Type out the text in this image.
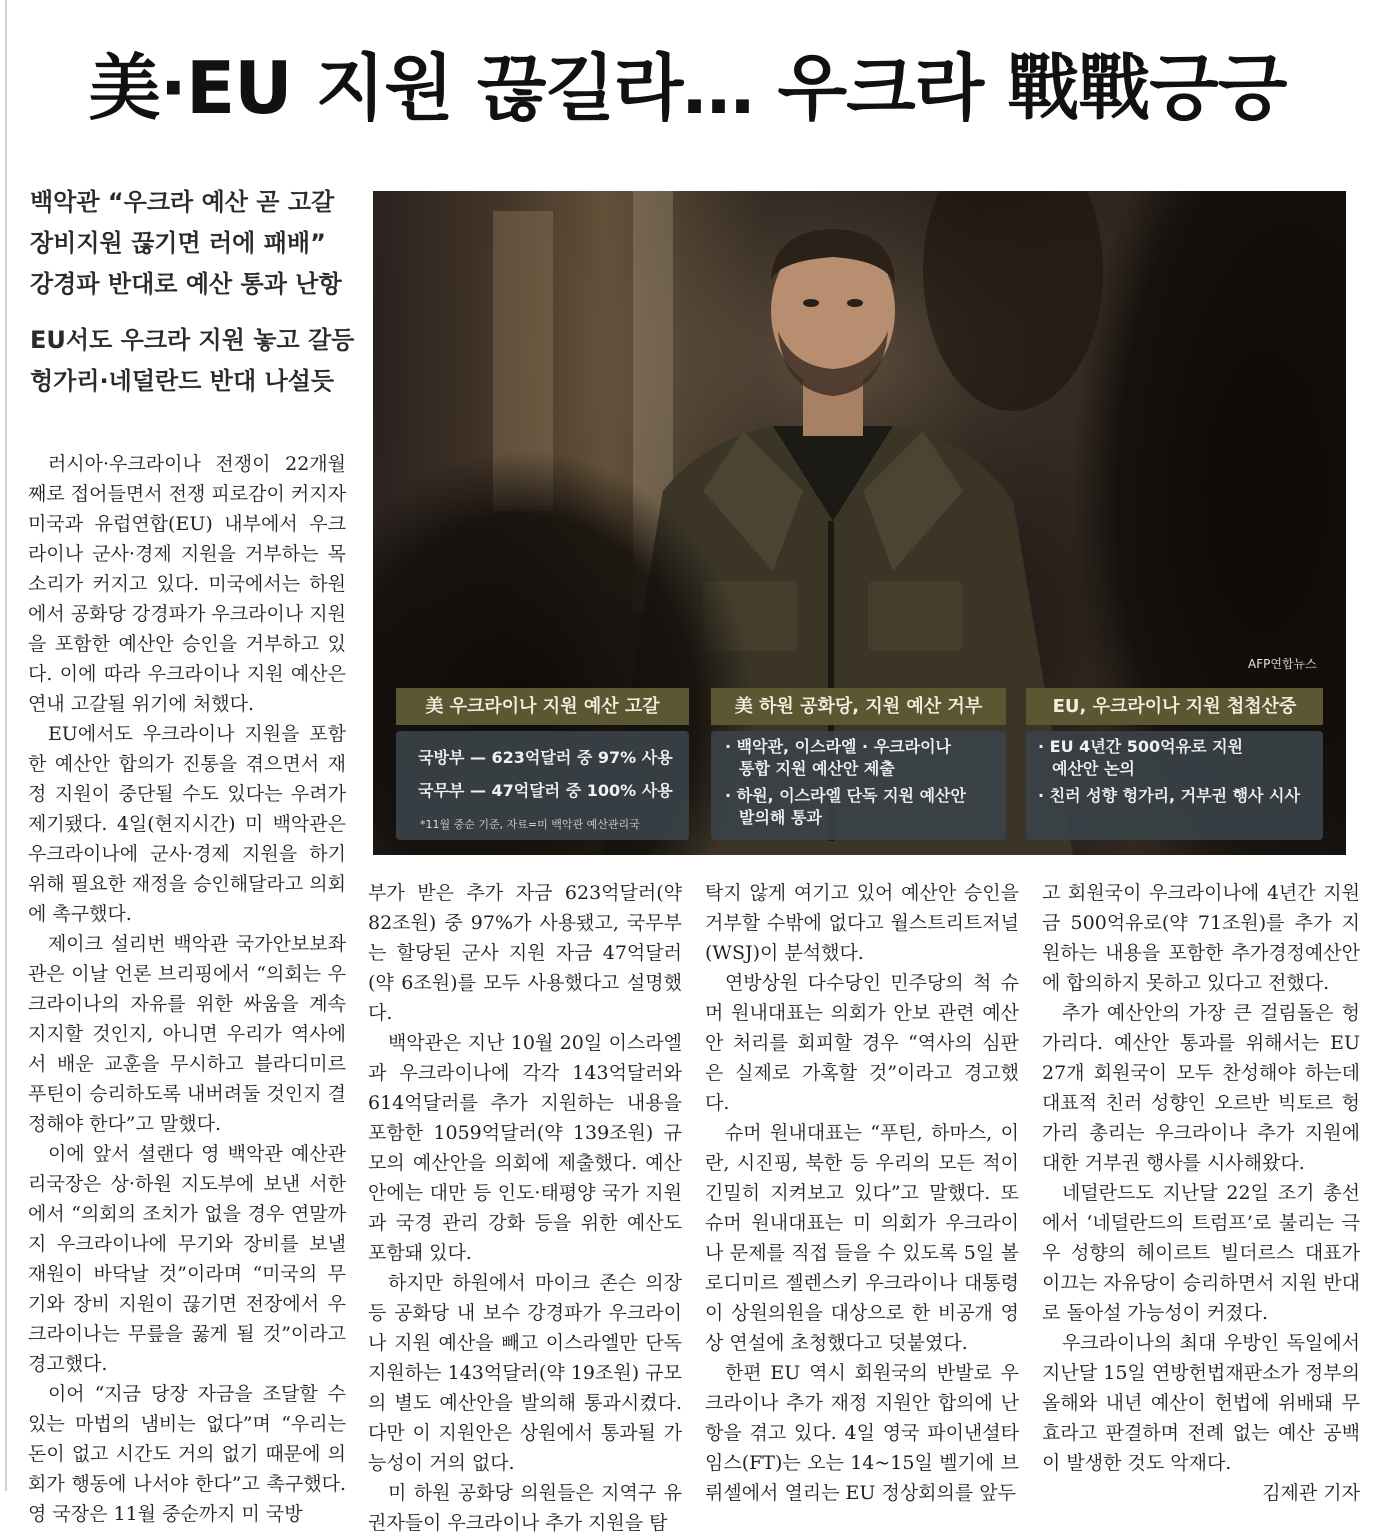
美·EU 지원 끊길라… 우크라 戰戰긍긍
백악관 “우크라 예산 곧 고갈
장비지원 끊기면 러에 패배”
강경파 반대로 예산 통과 난항
EU서도 우크라 지원 놓고 갈등
헝가리·네덜란드 반대 나설듯
AFP연합뉴스
美 우크라이나 지원 예산 고갈	美 하원 공화당, 지원 예산 거부	EU, 우크라이나 지원 첩첩산중
국방부 — 623억달러 중 97% 사용
국무부 — 47억달러 중 100% 사용
*11월 중순 기준, 자료=미 백악관 예산관리국
· 백악관, 이스라엘 · 우크라이나
통합 지원 예산안 제출
· 하원, 이스라엘 단독 지원 예산안
발의해 통과
· EU 4년간 500억유로 지원
예산안 논의
· 친러 성향 헝가리, 거부권 행사 시사

러시아·우크라이나 전쟁이 22개월째로 접어들면서 전쟁 피로감이 커지자 미국과 유럽연합(EU) 내부에서 우크라이나 군사·경제 지원을 거부하는 목소리가 커지고 있다. 미국에서는 하원에서 공화당 강경파가 우크라이나 지원을 포함한 예산안 승인을 거부하고 있다. 이에 따라 우크라이나 지원 예산은 연내 고갈될 위기에 처했다.

EU에서도 우크라이나 지원을 포함한 예산안 합의가 진통을 겪으면서 재정 지원이 중단될 수도 있다는 우려가 제기됐다. 4일(현지시간) 미 백악관은 우크라이나에 군사·경제 지원을 하기 위해 필요한 재정을 승인해달라고 의회에 촉구했다.

제이크 설리번 백악관 국가안보보좌관은 이날 언론 브리핑에서 “의회는 우크라이나의 자유를 위한 싸움을 계속 지지할 것인지, 아니면 우리가 역사에서 배운 교훈을 무시하고 블라디미르 푸틴이 승리하도록 내버려둘 것인지 결정해야 한다”고 말했다.

이에 앞서 셜랜다 영 백악관 예산관리국장은 상·하원 지도부에 보낸 서한에서 “의회의 조치가 없을 경우 연말까지 우크라이나에 무기와 장비를 보낼 재원이 바닥날 것”이라며 “미국의 무기와 장비 지원이 끊기면 전장에서 우크라이나는 무릎을 꿇게 될 것”이라고 경고했다.

이어 “지금 당장 자금을 조달할 수 있는 마법의 냄비는 없다”며 “우리는 돈이 없고 시간도 거의 없기 때문에 의회가 행동에 나서야 한다”고 촉구했다. 영 국장은 11월 중순까지 미 국방

부가 받은 추가 자금 623억달러(약 82조원) 중 97%가 사용됐고, 국무부는 할당된 군사 지원 자금 47억달러(약 6조원)를 모두 사용했다고 설명했다.

백악관은 지난 10월 20일 이스라엘과 우크라이나에 각각 143억달러와 614억달러를 추가 지원하는 내용을 포함한 1059억달러(약 139조원) 규모의 예산안을 의회에 제출했다. 예산안에는 대만 등 인도·태평양 국가 지원과 국경 관리 강화 등을 위한 예산도 포함돼 있다.

하지만 하원에서 마이크 존슨 의장 등 공화당 내 보수 강경파가 우크라이나 지원 예산을 빼고 이스라엘만 단독 지원하는 143억달러(약 19조원) 규모의 별도 예산안을 발의해 통과시켰다. 다만 이 지원안은 상원에서 통과될 가능성이 거의 없다.

미 하원 공화당 의원들은 지역구 유권자들이 우크라이나 추가 지원을 탐

탁지 않게 여기고 있어 예산안 승인을 거부할 수밖에 없다고 월스트리트저널(WSJ)이 분석했다.

연방상원 다수당인 민주당의 척 슈머 원내대표는 의회가 안보 관련 예산안 처리를 회피할 경우 “역사의 심판은 실제로 가혹할 것”이라고 경고했다.

슈머 원내대표는 “푸틴, 하마스, 이란, 시진핑, 북한 등 우리의 모든 적이 긴밀히 지켜보고 있다”고 말했다. 또 슈머 원내대표는 미 의회가 우크라이나 문제를 직접 들을 수 있도록 5일 볼로디미르 젤렌스키 우크라이나 대통령이 상원의원을 대상으로 한 비공개 영상 연설에 초청했다고 덧붙였다.

한편 EU 역시 회원국의 반발로 우크라이나 추가 재정 지원안 합의에 난항을 겪고 있다. 4일 영국 파이낸셜타임스(FT)는 오는 14~15일 벨기에 브뤼셀에서 열리는 EU 정상회의를 앞두

고 회원국이 우크라이나에 4년간 지원금 500억유로(약 71조원)를 추가 지원하는 내용을 포함한 추가경정예산안에 합의하지 못하고 있다고 전했다.

추가 예산안의 가장 큰 걸림돌은 헝가리다. 예산안 통과를 위해서는 EU 27개 회원국이 모두 찬성해야 하는데 대표적 친러 성향인 오르반 빅토르 헝가리 총리는 우크라이나 추가 지원에 대한 거부권 행사를 시사해왔다.

네덜란드도 지난달 22일 조기 총선에서 ‘네덜란드의 트럼프’로 불리는 극우 성향의 헤이르트 빌더르스 대표가 이끄는 자유당이 승리하면서 지원 반대로 돌아설 가능성이 커졌다.

우크라이나의 최대 우방인 독일에서 지난달 15일 연방헌법재판소가 정부의 올해와 내년 예산이 헌법에 위배돼 무효라고 판결하며 전례 없는 예산 공백이 발생한 것도 악재다.

김제관 기자
